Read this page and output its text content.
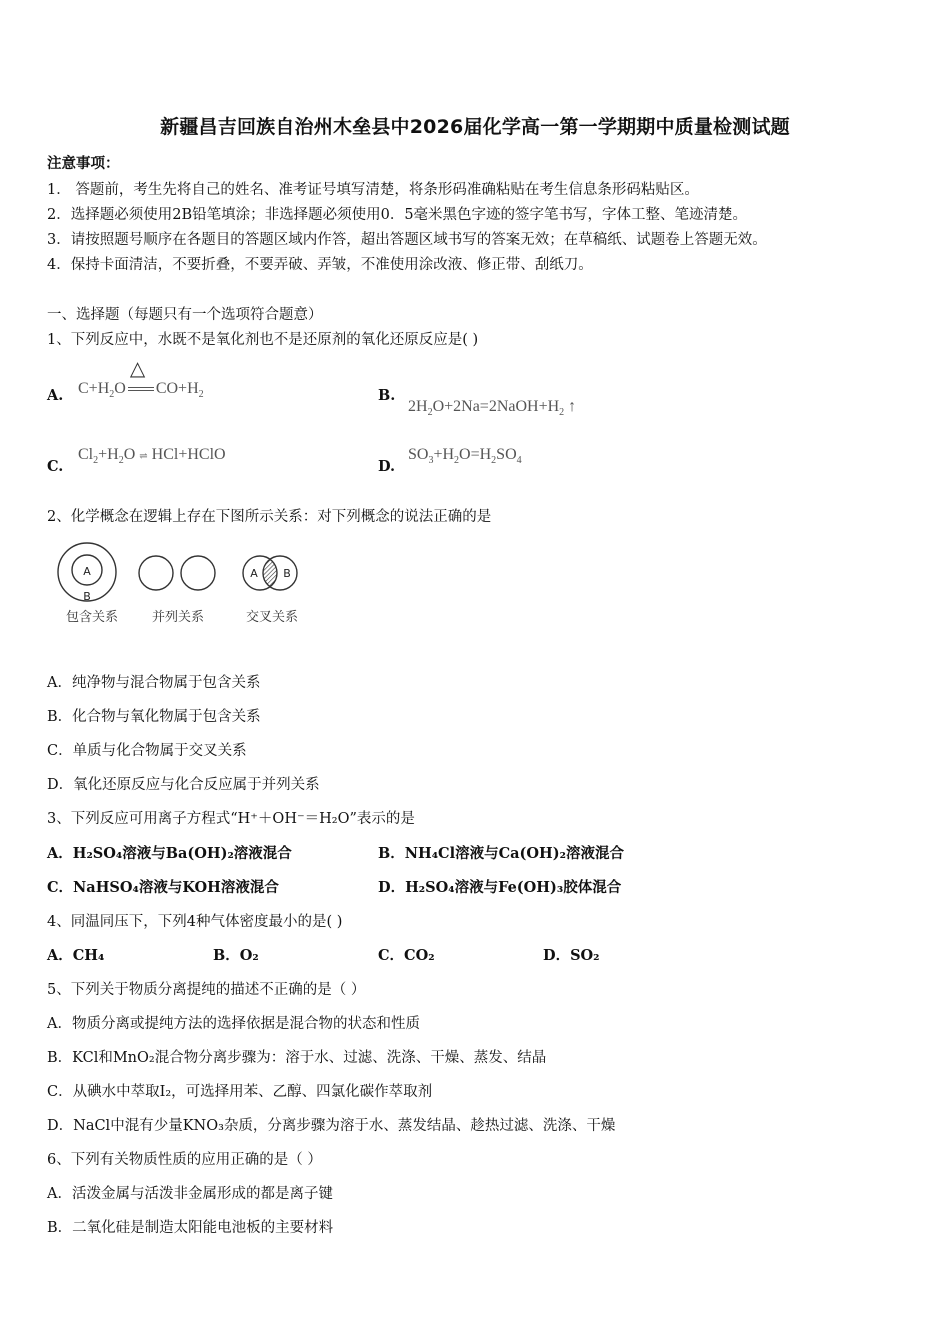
新疆昌吉回族自治州木垒县中2026届化学高一第一学期期中质量检测试题
注意事项：
1． 答题前，考生先将自己的姓名、准考证号填写清楚，将条形码准确粘贴在考生信息条形码粘贴区。
2．选择题必须使用2B铅笔填涂；非选择题必须使用0．5毫米黑色字迹的签字笔书写，字体工整、笔迹清楚。
3．请按照题号顺序在各题目的答题区域内作答，超出答题区域书写的答案无效；在草稿纸、试题卷上答题无效。
4．保持卡面清洁，不要折叠，不要弄破、弄皱，不准使用涂改液、修正带、刮纸刀。
一、选择题（每题只有一个选项符合题意）
1、下列反应中，水既不是氧化剂也不是还原剂的氧化还原反应是( )
A. $C+H_2O$
△
$CO+H_2$	B.
$2H_2O+2Na=2NaOH+H_2$ ↑
C.
$Cl_2+H_2O$ ⇌ HCl+HClO
D.
$SO_3+H_2O=H_2SO_4$
2、化学概念在逻辑上存在下图所示关系：对下列概念的说法正确的是
A
B
包含关系	并列关系
A B
交叉关系
A．纯净物与混合物属于包含关系
B．化合物与氧化物属于包含关系
C．单质与化合物属于交叉关系
D．氧化还原反应与化合反应属于并列关系
3、下列反应可用离子方程式“H⁺＋OH⁻＝H₂O”表示的是
A．H₂SO₄溶液与Ba(OH)₂溶液混合	B．NH₄Cl溶液与Ca(OH)₂溶液混合
C．NaHSO₄溶液与KOH溶液混合	D．H₂SO₄溶液与Fe(OH)₃胶体混合
4、同温同压下，下列4种气体密度最小的是( )
A．CH₄	B．O₂	C．CO₂	D．SO₂
5、下列关于物质分离提纯的描述不正确的是（ ）
A．物质分离或提纯方法的选择依据是混合物的状态和性质
B．KCl和MnO₂混合物分离步骤为：溶于水、过滤、洗涤、干燥、蒸发、结晶
C．从碘水中萃取I₂，可选择用苯、乙醇、四氯化碳作萃取剂
D．NaCl中混有少量KNO₃杂质，分离步骤为溶于水、蒸发结晶、趁热过滤、洗涤、干燥
6、下列有关物质性质的应用正确的是（ ）
A．活泼金属与活泼非金属形成的都是离子键
B．二氧化硅是制造太阳能电池板的主要材料
